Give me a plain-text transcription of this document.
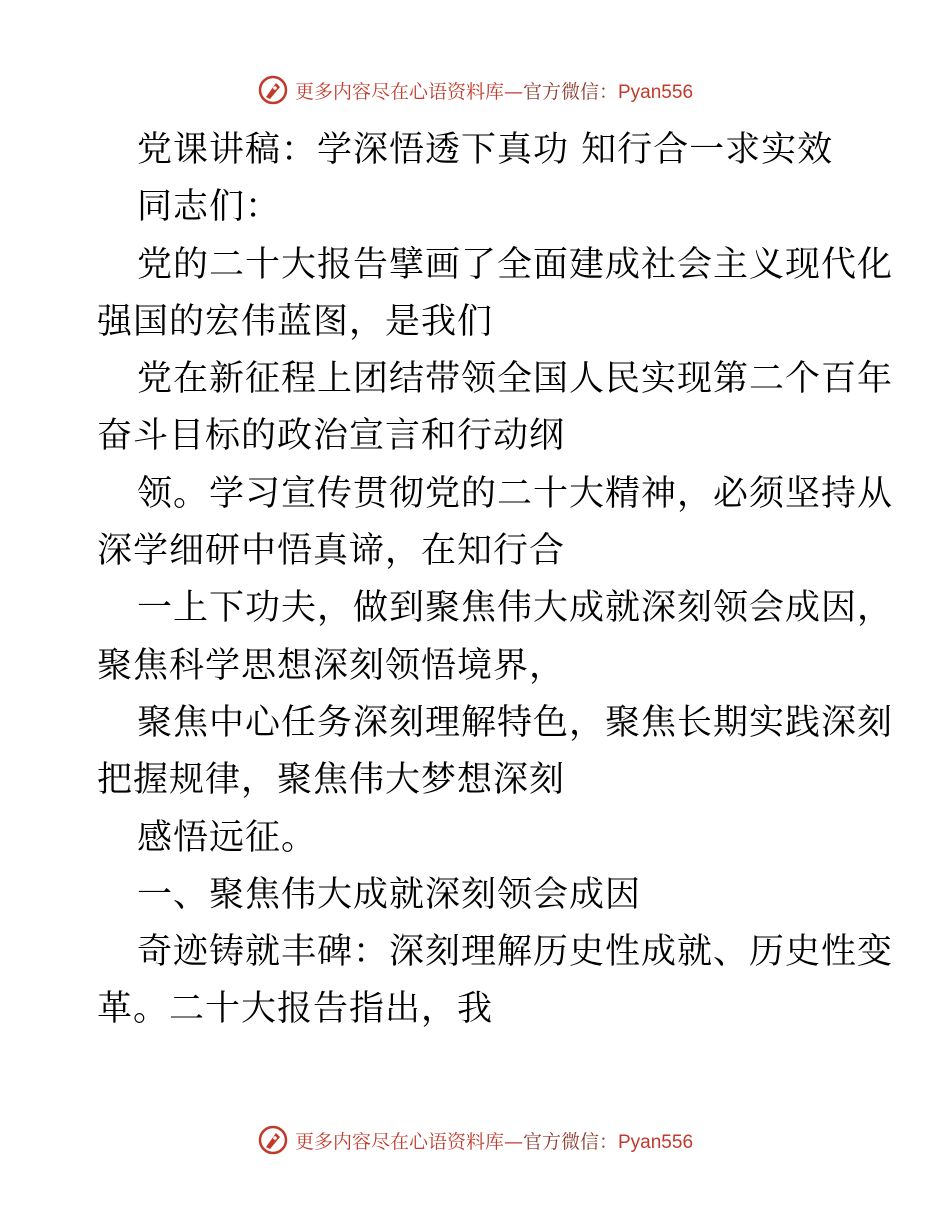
更多内容尽在心语资料库—官方微信：Pyan556
党课讲稿：学深悟透下真功 知行合一求实效
同志们：
党的二十大报告擘画了全面建成社会主义现代化
强国的宏伟蓝图，是我们
党在新征程上团结带领全国人民实现第二个百年
奋斗目标的政治宣言和行动纲
领。学习宣传贯彻党的二十大精神，必须坚持从
深学细研中悟真谛，在知行合
一上下功夫，做到聚焦伟大成就深刻领会成因，
聚焦科学思想深刻领悟境界，
聚焦中心任务深刻理解特色，聚焦长期实践深刻
把握规律，聚焦伟大梦想深刻
感悟远征。
一、聚焦伟大成就深刻领会成因
奇迹铸就丰碑：深刻理解历史性成就、历史性变
革。二十大报告指出，我
更多内容尽在心语资料库—官方微信：Pyan556
